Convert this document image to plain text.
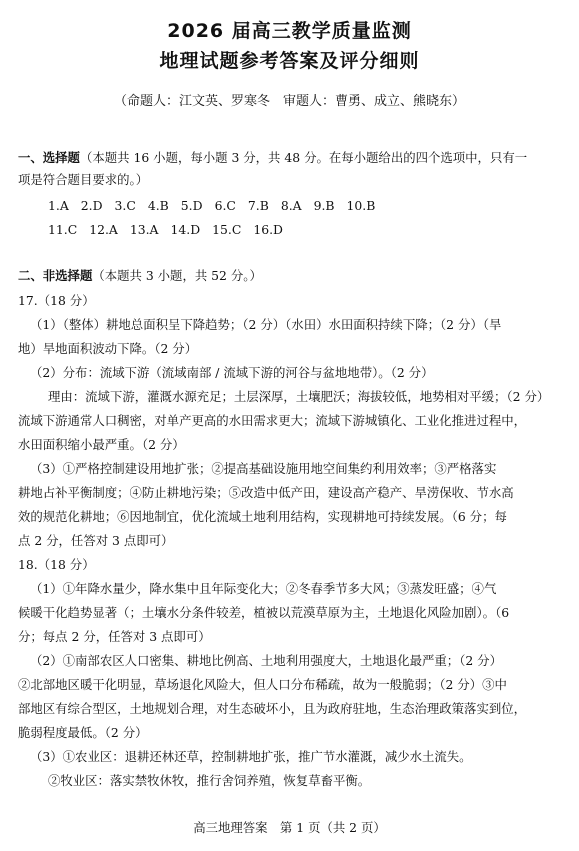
2026 届高三教学质量监测
地理试题参考答案及评分细则
（命题人：江文英、罗寒冬　审题人：曹勇、成立、熊晓东）
一、选择题（本题共 16 小题，每小题 3 分，共 48 分。在每小题给出的四个选项中，只有一
项是符合题目要求的。）
1.A 2.D 3.C 4.B 5.D 6.C 7.B 8.A 9.B 10.B
11.C 12.A 13.A 14.D 15.C 16.D
二、非选择题（本题共 3 小题，共 52 分。）
17.（18 分）
（1）（整体）耕地总面积呈下降趋势；（2 分）（水田）水田面积持续下降；（2 分）（旱
地）旱地面积波动下降。（2 分）
（2）分布：流域下游（流域南部 / 流域下游的河谷与盆地地带）。（2 分）
理由：流域下游，灌溉水源充足；土层深厚，土壤肥沃；海拔较低，地势相对平缓；（2 分）
流域下游通常人口稠密，对单产更高的水田需求更大；流域下游城镇化、工业化推进过程中，
水田面积缩小最严重。（2 分）
（3）①严格控制建设用地扩张；②提高基础设施用地空间集约利用效率；③严格落实
耕地占补平衡制度；④防止耕地污染；⑤改造中低产田，建设高产稳产、旱涝保收、节水高
效的规范化耕地；⑥因地制宜，优化流域土地利用结构，实现耕地可持续发展。（6 分；每
点 2 分，任答对 3 点即可）
18.（18 分）
（1）①年降水量少，降水集中且年际变化大；②冬春季节多大风；③蒸发旺盛；④气
候暖干化趋势显著（；土壤水分条件较差，植被以荒漠草原为主，土地退化风险加剧）。（6
分；每点 2 分，任答对 3 点即可）
（2）①南部农区人口密集、耕地比例高、土地利用强度大，土地退化最严重；（2 分）
②北部地区暖干化明显，草场退化风险大，但人口分布稀疏，故为一般脆弱；（2 分）③中
部地区有综合型区，土地规划合理，对生态破坏小，且为政府驻地，生态治理政策落实到位，
脆弱程度最低。（2 分）
（3）①农业区：退耕还林还草，控制耕地扩张，推广节水灌溉，减少水土流失。
②牧业区：落实禁牧休牧，推行舍饲养殖，恢复草畜平衡。
高三地理答案　第 1 页（共 2 页）
